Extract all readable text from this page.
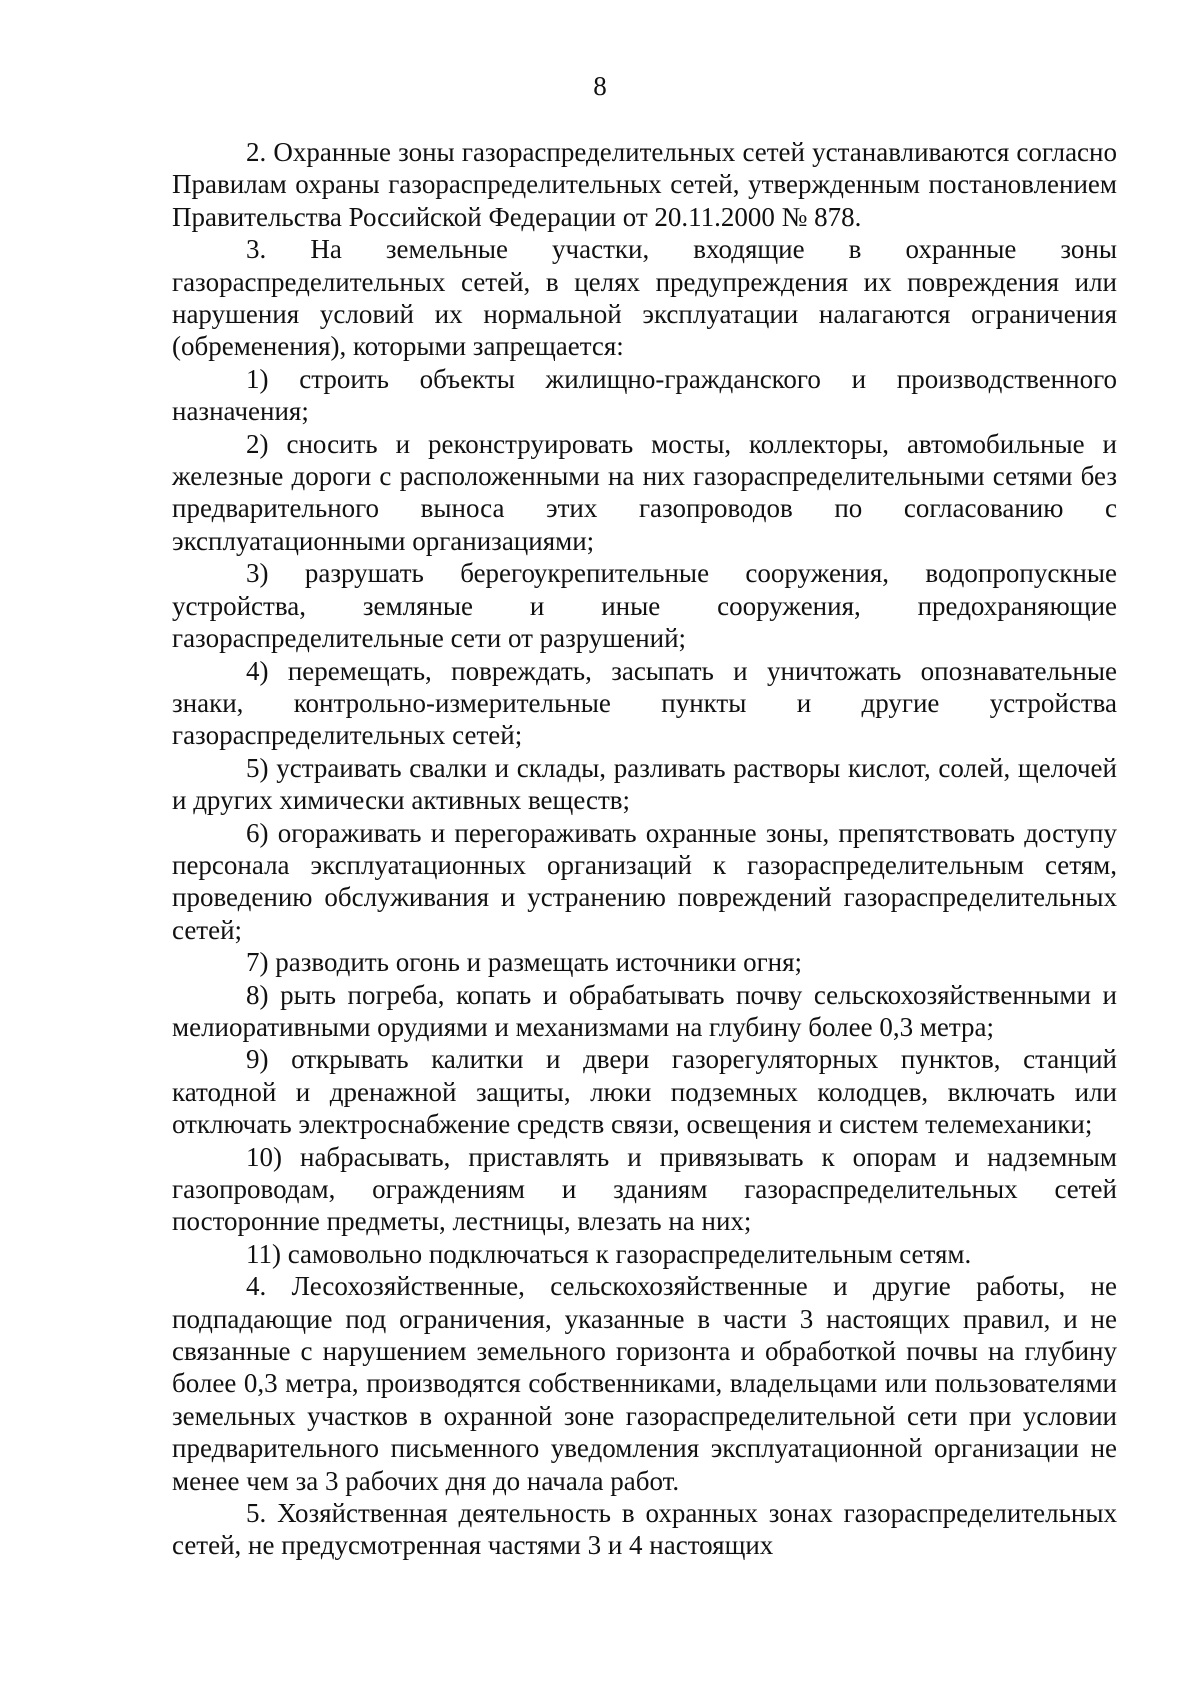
8

2. Охранные зоны газораспределительных сетей устанавливаются согласно Правилам охраны газораспределительных сетей, утвержденным постановлением Правительства Российской Федерации от 20.11.2000 № 878.

3. На земельные участки, входящие в охранные зоны газораспределительных сетей, в целях предупреждения их повреждения или нарушения условий их нормальной эксплуатации налагаются ограничения (обременения), которыми запрещается:

1) строить объекты жилищно-гражданского и производственного назначения;

2) сносить и реконструировать мосты, коллекторы, автомобильные и железные дороги с расположенными на них газораспределительными сетями без предварительного выноса этих газопроводов по согласованию с эксплуатационными организациями;

3) разрушать берегоукрепительные сооружения, водопропускные устройства, земляные и иные сооружения, предохраняющие газораспределительные сети от разрушений;

4) перемещать, повреждать, засыпать и уничтожать опознавательные знаки, контрольно-измерительные пункты и другие устройства газораспределительных сетей;

5) устраивать свалки и склады, разливать растворы кислот, солей, щелочей и других химически активных веществ;

6) огораживать и перегораживать охранные зоны, препятствовать доступу персонала эксплуатационных организаций к газораспределительным сетям, проведению обслуживания и устранению повреждений газораспределительных сетей;

7) разводить огонь и размещать источники огня;

8) рыть погреба, копать и обрабатывать почву сельскохозяйственными и мелиоративными орудиями и механизмами на глубину более 0,3 метра;

9) открывать калитки и двери газорегуляторных пунктов, станций катодной и дренажной защиты, люки подземных колодцев, включать или отключать электроснабжение средств связи, освещения и систем телемеханики;

10) набрасывать, приставлять и привязывать к опорам и надземным газопроводам, ограждениям и зданиям газораспределительных сетей посторонние предметы, лестницы, влезать на них;

11) самовольно подключаться к газораспределительным сетям.

4. Лесохозяйственные, сельскохозяйственные и другие работы, не подпадающие под ограничения, указанные в части 3 настоящих правил, и не связанные с нарушением земельного горизонта и обработкой почвы на глубину более 0,3 метра, производятся собственниками, владельцами или пользователями земельных участков в охранной зоне газораспределительной сети при условии предварительного письменного уведомления эксплуатационной организации не менее чем за 3 рабочих дня до начала работ.

5. Хозяйственная деятельность в охранных зонах газораспределительных сетей, не предусмотренная частями 3 и 4 настоящих
